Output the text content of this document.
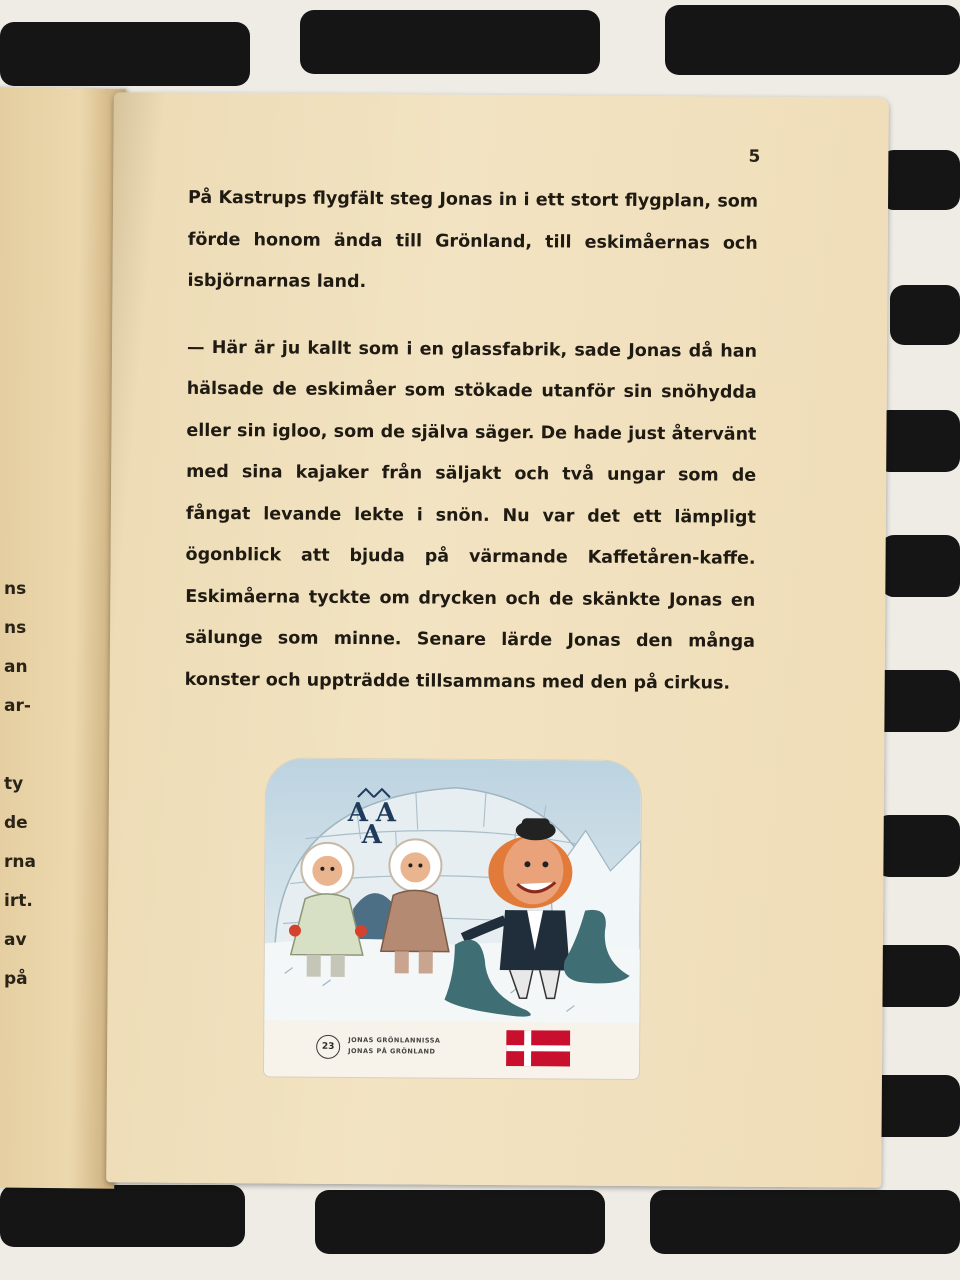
ns
ns
an
ar-
ty
de
rna
irt.
av
på
5

På Kastrups flygfält steg Jonas in i ett stort flygplan, som förde honom ända till Grönland, till eskimåernas och isbjörnarnas land.

— Här är ju kallt som i en glassfabrik, sade Jonas då han hälsade de eskimåer som stökade utanför sin snöhydda eller sin igloo, som de själva säger. De hade just återvänt med sina kajaker från säljakt och två ungar som de fångat levande lekte i snön. Nu var det ett lämpligt ögonblick att bjuda på värmande Kaffetåren-kaffe. Eskimåerna tyckte om drycken och de skänkte Jonas en sälunge som minne. Senare lärde Jonas den många konster och uppträdde tillsammans med den på cirkus.

A A
A
23
JONAS GRÖNLANNISSA
JONAS PÅ GRÖNLAND
